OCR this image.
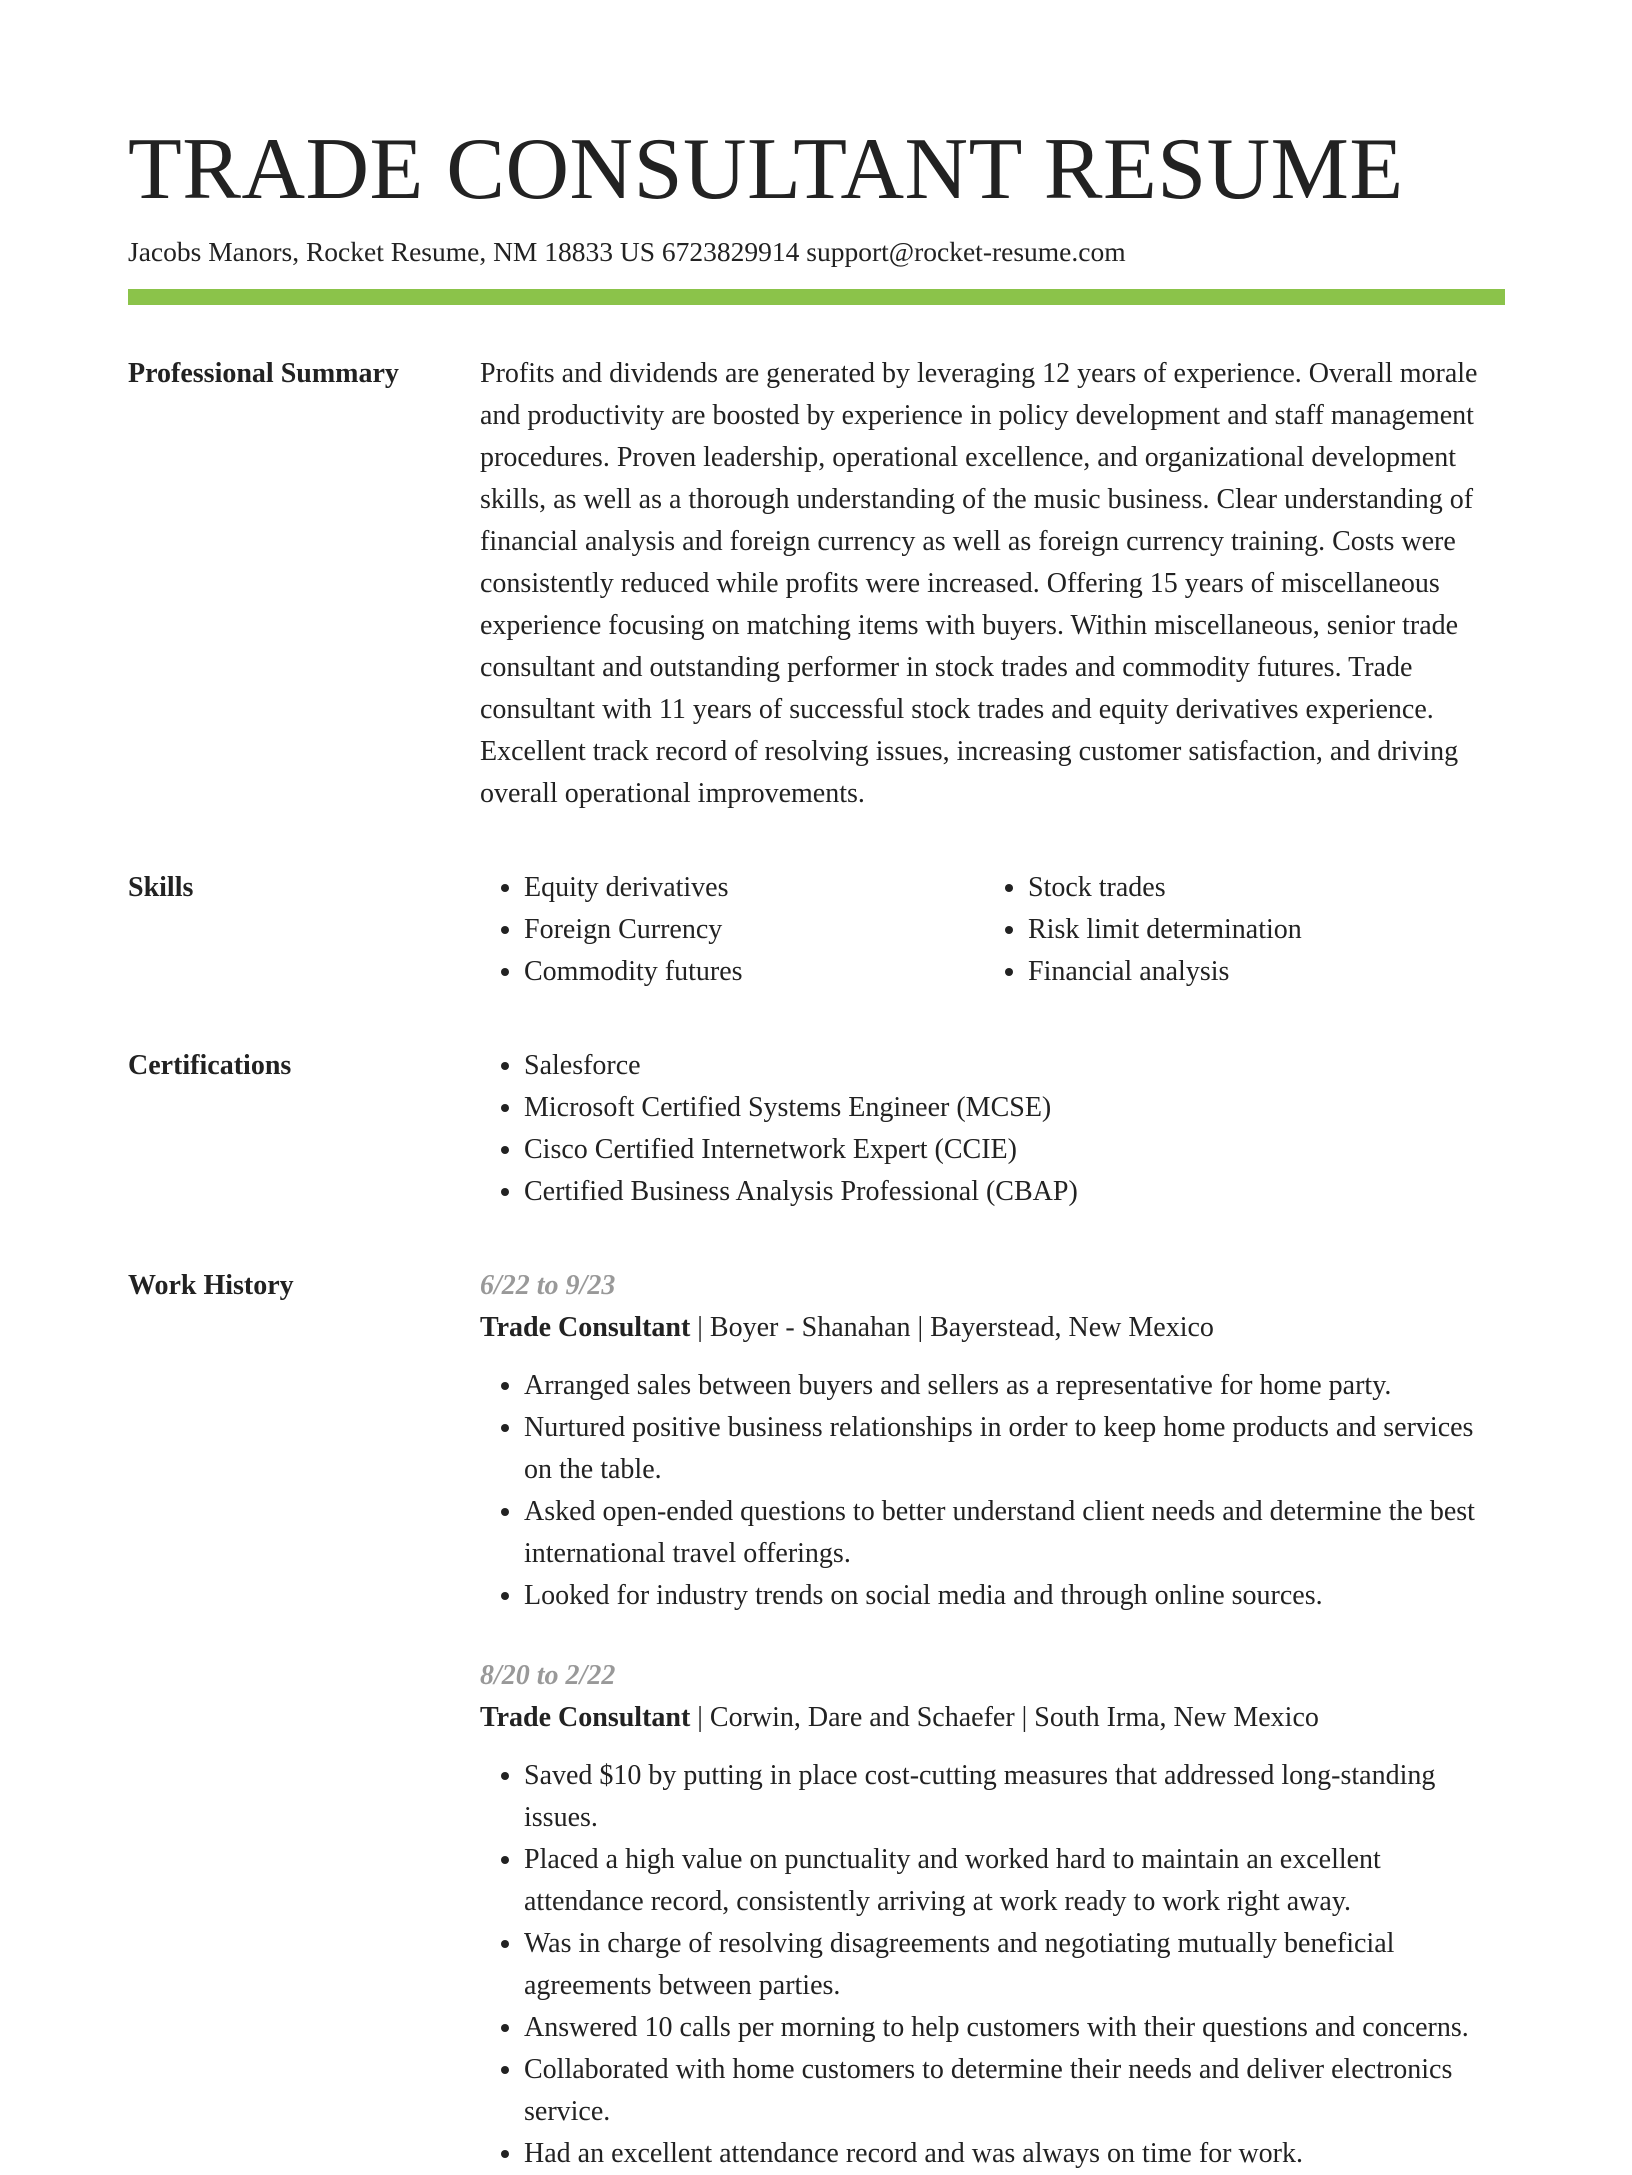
TRADE CONSULTANT RESUME
Jacobs Manors, Rocket Resume, NM 18833 US 6723829914 support@rocket-resume.com
Professional Summary	Profits and dividends are generated by leveraging 12 years of experience. Overall morale and productivity are boosted by experience in policy development and staff management procedures. Proven leadership, operational excellence, and organizational development skills, as well as a thorough understanding of the music business. Clear understanding of financial analysis and foreign currency as well as foreign currency training. Costs were consistently reduced while profits were increased. Offering 15 years of miscellaneous experience focusing on matching items with buyers. Within miscellaneous, senior trade consultant and outstanding performer in stock trades and commodity futures. Trade consultant with 11 years of successful stock trades and equity derivatives experience. Excellent track record of resolving issues, increasing customer satisfaction, and driving overall operational improvements.

Skills	• Equity derivatives
• Foreign Currency
• Commodity futures
• Stock trades
• Risk limit determination
• Financial analysis
Certifications	• Salesforce
• Microsoft Certified Systems Engineer (MCSE)
• Cisco Certified Internetwork Expert (CCIE)
• Certified Business Analysis Professional (CBAP)
Work History	6/22 to 9/23
Trade Consultant | Boyer - Shanahan | Bayerstead, New Mexico
• Arranged sales between buyers and sellers as a representative for home party.
• Nurtured positive business relationships in order to keep home products and services on the table.
• Asked open-ended questions to better understand client needs and determine the best international travel offerings.
• Looked for industry trends on social media and through online sources.
8/20 to 2/22
Trade Consultant | Corwin, Dare and Schaefer | South Irma, New Mexico
• Saved $10 by putting in place cost-cutting measures that addressed long-standing issues.
• Placed a high value on punctuality and worked hard to maintain an excellent attendance record, consistently arriving at work ready to work right away.
• Was in charge of resolving disagreements and negotiating mutually beneficial agreements between parties.
• Answered 10 calls per morning to help customers with their questions and concerns.
• Collaborated with home customers to determine their needs and deliver electronics service.
• Had an excellent attendance record and was always on time for work.
